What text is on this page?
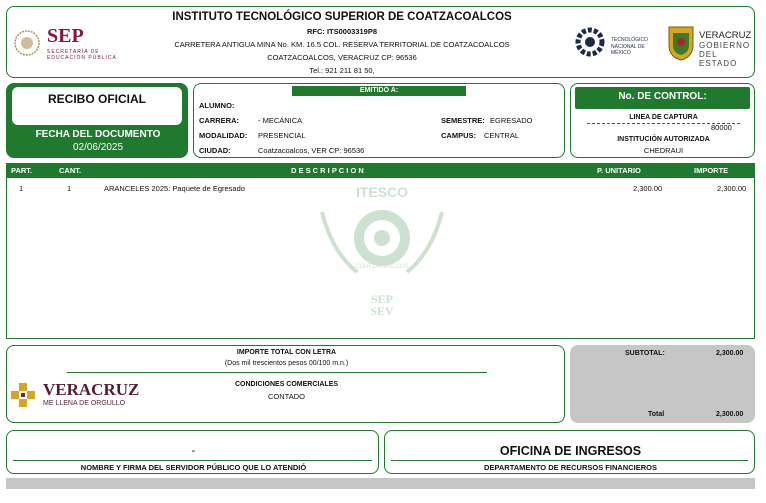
SEP
SECRETARÍA DE
EDUCACIÓN PÚBLICA
INSTITUTO TECNOLÓGICO SUPERIOR DE COATZACOALCOS
RFC: ITS0003319P8
CARRETERA ANTIGUA MINA No. KM. 16.5 COL. RESERVA TERRITORIAL DE COATZACOALCOS
COATZACOALCOS, VERACRUZ CP: 96536
Tel.: 921 211 81 50,
TECNOLÓGICO
NACIONAL DE MÉXICO
VERACRUZ
GOBIERNO
DEL ESTADO
RECIBO OFICIAL
FECHA DEL DOCUMENTO
02/06/2025
EMITIDO A:
ALUMNO:
CARRERA:	- MECÁNICA
MODALIDAD: PRESENCIAL
CIUDAD:	Coatzacoalcos, VER CP: 96536
SEMESTRE: EGRESADO
CAMPUS: CENTRAL
No. DE CONTROL:
LINEA DE CAPTURA
80000
INSTITUCIÓN AUTORIZADA
CHEDRAUI
PART.	CANT.	D E S C R I P C I O N	P. UNITARIO	IMPORTE
1	1	ARANCELES 2025: Paquete de Egresado	2,300.00	2,300.00
ITESCO
COATZACOALCOS
SEP
SEV
IMPORTE TOTAL CON LETRA
(Dos mil trescientos pesos 00/100 m.n.)
CONDICIONES COMERCIALES
CONTADO
VERACRUZ
ME LLENA DE ORGULLO
SUBTOTAL:	2,300.00
Total	2,300.00
-
NOMBRE Y FIRMA DEL SERVIDOR PÚBLICO QUE LO ATENDIÓ
OFICINA DE INGRESOS
DEPARTAMENTO DE RECURSOS FINANCIEROS
